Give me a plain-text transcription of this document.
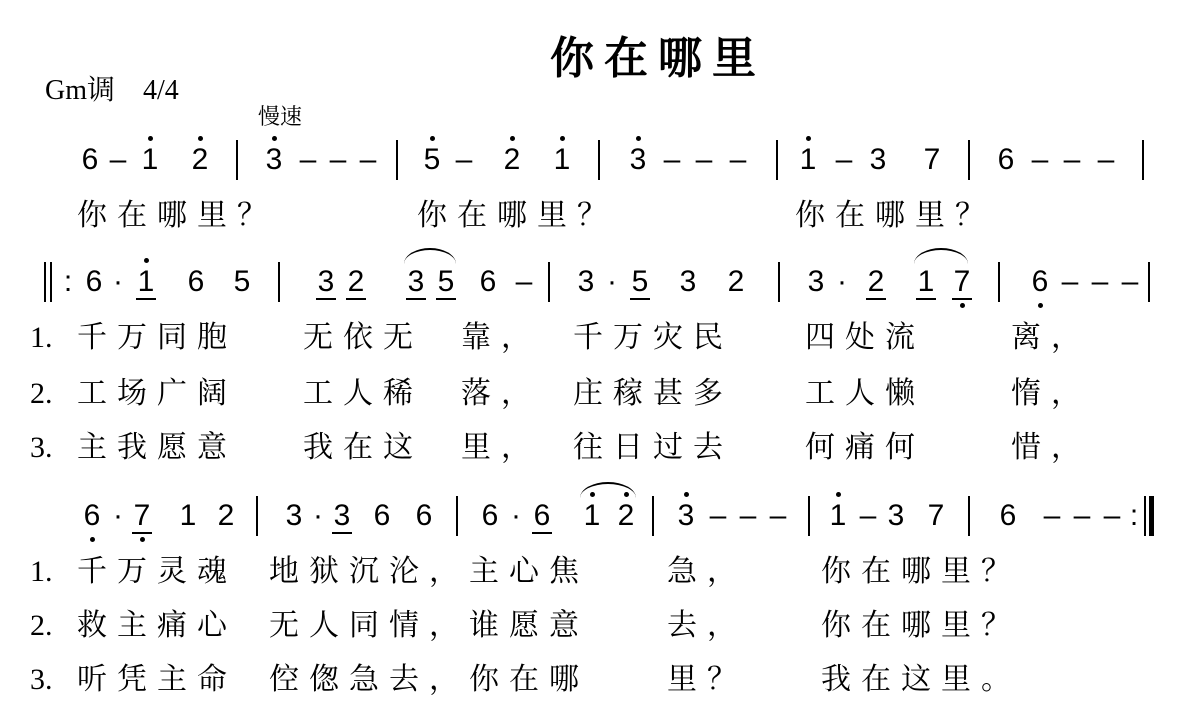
你在哪里
Gm调　4/4
慢速
6 – 1 2 3 – – – 5 – 2 1 3 – – – 1 – 3 7 6 – – –
你 在 哪 里 ？	你 在 哪 里 ？	你 在 哪 里 ？
: 6 · 1 6 5 3 2 3 5 6 – 3 · 5 3 2 3 · 2 1 7 6 – – –
1. 千 万 同 胞	无 依 无 靠 ， 千 万 灾 民	四 处 流	离 ，
2. 工 场 广 阔	工 人 稀 落 ， 庄 稼 甚 多	工 人 懒	惰 ，
3. 主 我 愿 意	我 在 这 里 ， 往 日 过 去	何 痛 何	惜 ，
6 · 7 1 2 3 · 3 6 6 6 · 6 1 2 3 – – – 1 – 3 7 6 – – – :
1. 千 万 灵 魂 地 狱 沉 沦 ， 主 心 焦	急 ，	你 在 哪 里 ？
2. 救 主 痛 心 无 人 同 情 ， 谁 愿 意	去 ，	你 在 哪 里 ？
3. 听 凭 主 命 倥 偬 急 去 ， 你 在 哪	里 ？	我 在 这 里 。
